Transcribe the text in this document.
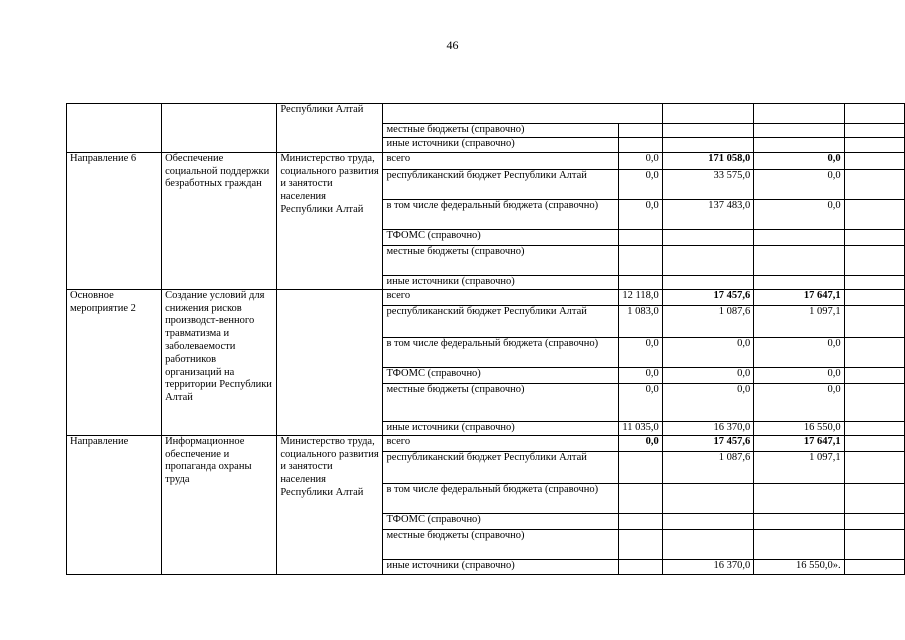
46
		Республики Алтай					
			местные бюджеты (справочно)				
			иные источники (справочно)				
Направление 6	Обеспечение социальной поддержки безработных граждан	Министерство труда, социального развития и занятости населения Республики Алтай	всего	0,0	171 058,0	0,0	
			республиканский бюджет Республики Алтай	0,0	33 575,0	0,0	
			в том числе федеральный бюджета (справочно)	0,0	137 483,0	0,0	
			ТФОМС (справочно)				
			местные бюджеты (справочно)				
			иные источники (справочно)				
Основное мероприятие 2	Создание условий для снижения рисков производст-венного травматизма и заболеваемости работников организаций на территории Республики Алтай		всего	12 118,0	17 457,6	17 647,1	
			республиканский бюджет Республики Алтай	1 083,0	1 087,6	1 097,1	
			в том числе федеральный бюджета (справочно)	0,0	0,0	0,0	
			ТФОМС (справочно)	0,0	0,0	0,0	
			местные бюджеты (справочно)	0,0	0,0	0,0	
			иные источники (справочно)	11 035,0	16 370,0	16 550,0	
Направление	Информационное обеспечение и пропаганда охраны труда	Министерство труда, социального развития и занятости населения Республики Алтай	всего	0,0	17 457,6	17 647,1	
			республиканский бюджет Республики Алтай		1 087,6	1 097,1	
			в том числе федеральный бюджета (справочно)				
			ТФОМС (справочно)				
			местные бюджеты (справочно)				
			иные источники (справочно)		16 370,0	16 550,0».	
